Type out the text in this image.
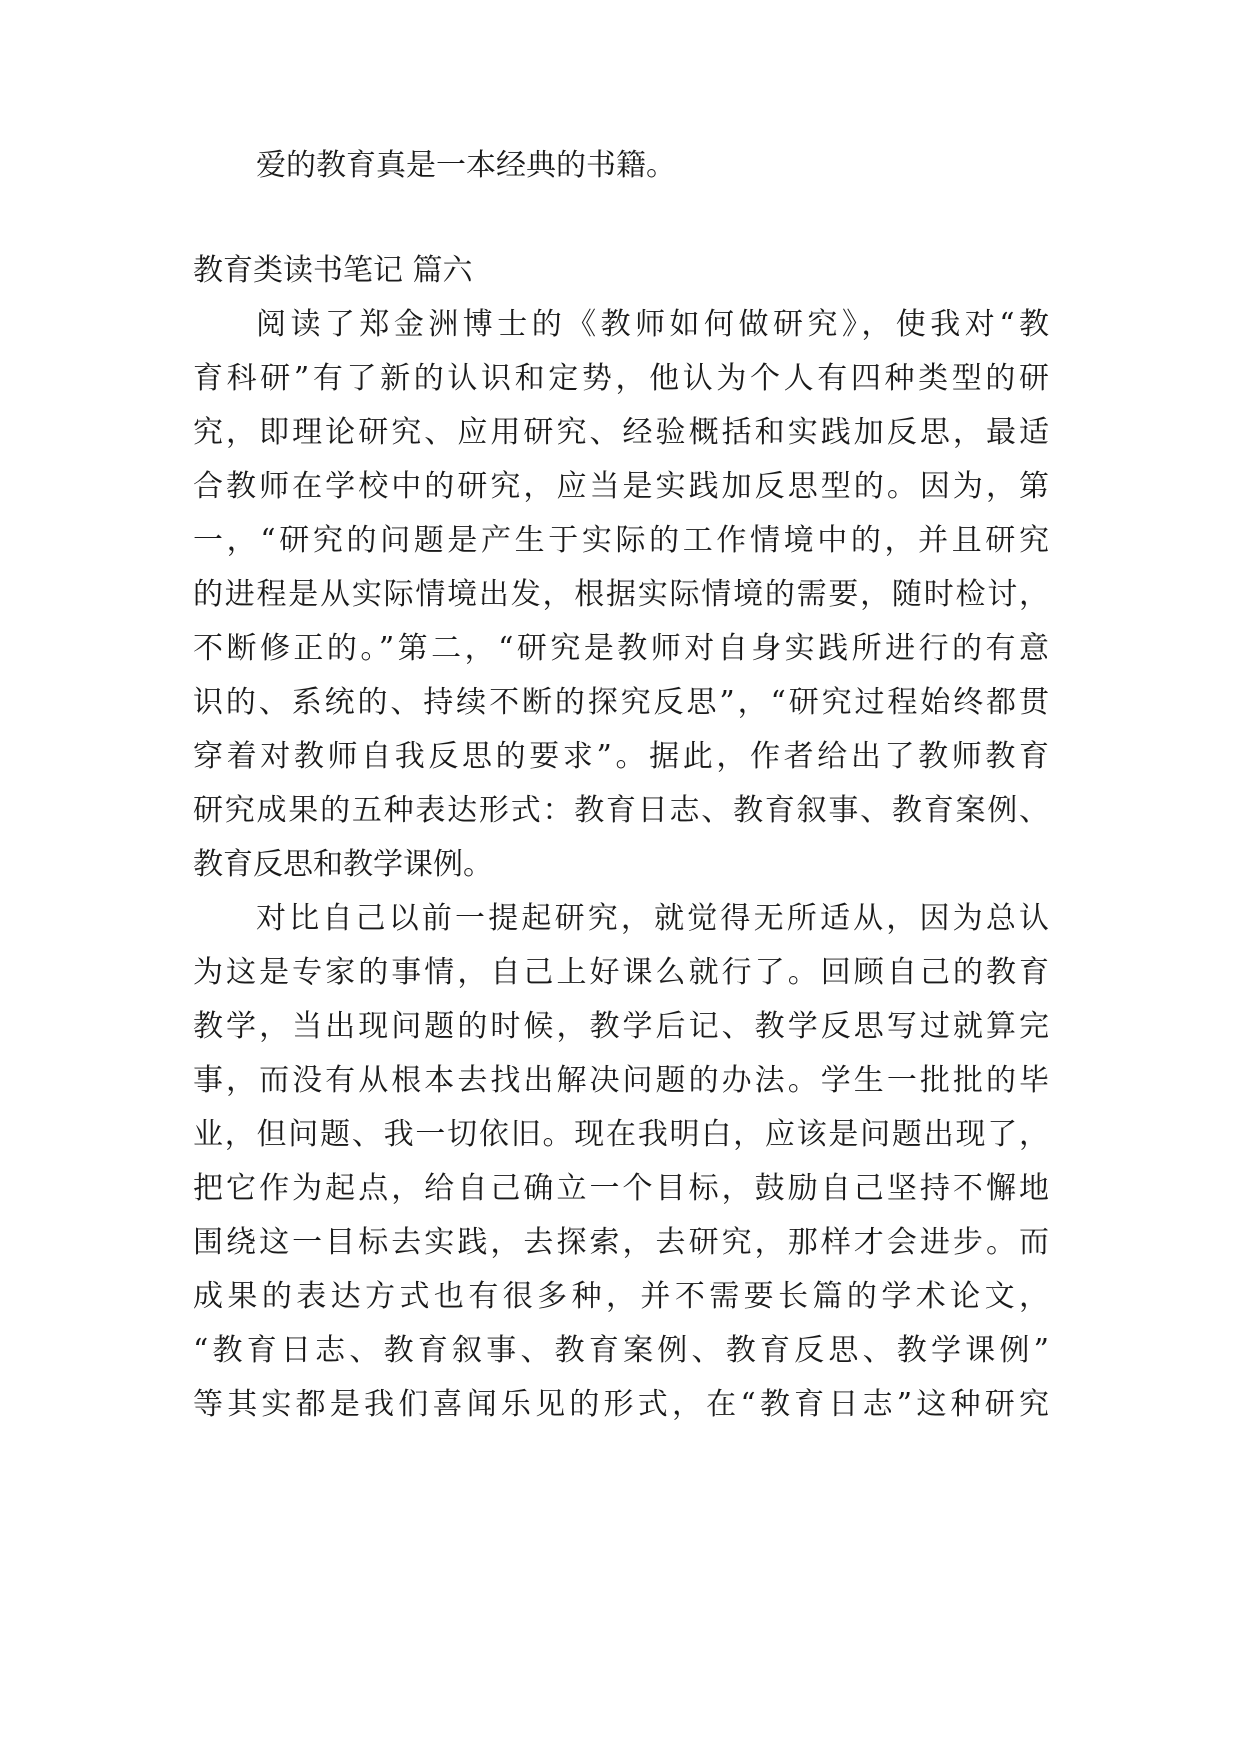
爱的教育真是一本经典的书籍。
教育类读书笔记 篇六
阅读了郑金洲博士的《教师如何做研究》，使我对“教
育科研”有了新的认识和定势，他认为个人有四种类型的研
究，即理论研究、应用研究、经验概括和实践加反思，最适
合教师在学校中的研究，应当是实践加反思型的。因为，第
一，“研究的问题是产生于实际的工作情境中的，并且研究
的进程是从实际情境出发，根据实际情境的需要，随时检讨，
不断修正的。”第二，“研究是教师对自身实践所进行的有意
识的、系统的、持续不断的探究反思”，“研究过程始终都贯
穿着对教师自我反思的要求”。据此，作者给出了教师教育
研究成果的五种表达形式：教育日志、教育叙事、教育案例、
教育反思和教学课例。
对比自己以前一提起研究，就觉得无所适从，因为总认
为这是专家的事情，自己上好课么就行了。回顾自己的教育
教学，当出现问题的时候，教学后记、教学反思写过就算完
事，而没有从根本去找出解决问题的办法。学生一批批的毕
业，但问题、我一切依旧。现在我明白，应该是问题出现了，
把它作为起点，给自己确立一个目标，鼓励自己坚持不懈地
围绕这一目标去实践，去探索，去研究，那样才会进步。而
成果的表达方式也有很多种，并不需要长篇的学术论文，
“教育日志、教育叙事、教育案例、教育反思、教学课例”
等其实都是我们喜闻乐见的形式，在“教育日志”这种研究
